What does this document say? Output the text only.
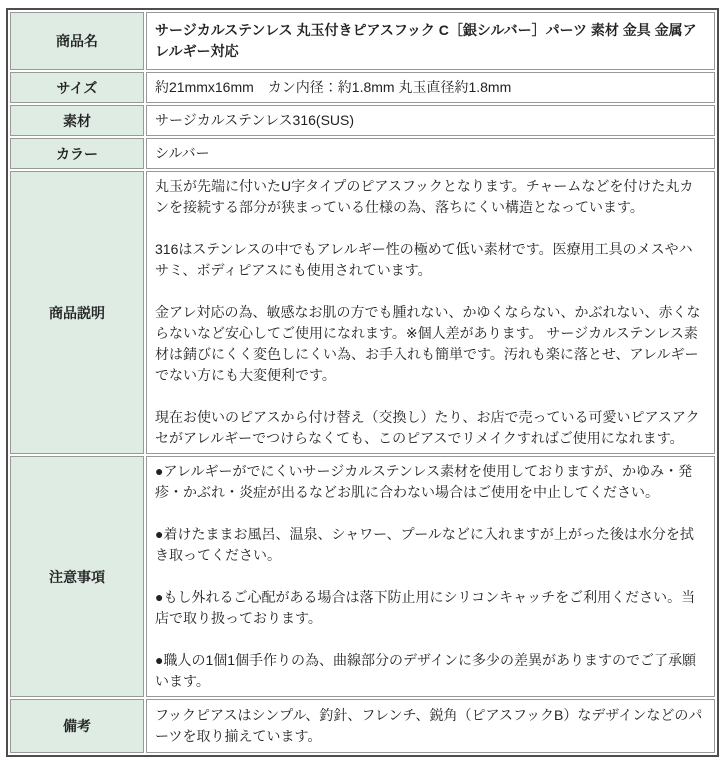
商品名	サージカルステンレス 丸玉付きピアスフック C［銀シルバー］パーツ 素材 金具 金属アレルギー対応
サイズ	約21mmx16mm　カン内径：約1.8mm 丸玉直径約1.8mm
素材	サージカルステンレス316(SUS)
カラー	シルバー
商品説明	丸玉が先端に付いたU字タイプのピアスフックとなります。チャームなどを付けた丸カンを接続する部分が狭まっている仕様の為、落ちにくい構造となっています。

316はステンレスの中でもアレルギー性の極めて低い素材です。医療用工具のメスやハサミ、ボディピアスにも使用されています。

金アレ対応の為、敏感なお肌の方でも腫れない、かゆくならない、かぶれない、赤くならないなど安心してご使用になれます。※個人差があります。 サージカルステンレス素材は錆びにくく変色しにくい為、お手入れも簡単です。汚れも楽に落とせ、アレルギーでない方にも大変便利です。

現在お使いのピアスから付け替え（交換し）たり、お店で売っている可愛いピアスアクセがアレルギーでつけらなくても、このピアスでリメイクすればご使用になれます。

注意事項	●アレルギーがでにくいサージカルステンレス素材を使用しておりますが、かゆみ・発疹・かぶれ・炎症が出るなどお肌に合わない場合はご使用を中止してください。

●着けたままお風呂、温泉、シャワー、プールなどに入れますが上がった後は水分を拭き取ってください。

●もし外れるご心配がある場合は落下防止用にシリコンキャッチをご利用ください。当店で取り扱っております。

●職人の1個1個手作りの為、曲線部分のデザインに多少の差異がありますのでご了承願います。

備考	フックピアスはシンプル、釣針、フレンチ、鋭角（ピアスフックB）なデザインなどのパーツを取り揃えています。
